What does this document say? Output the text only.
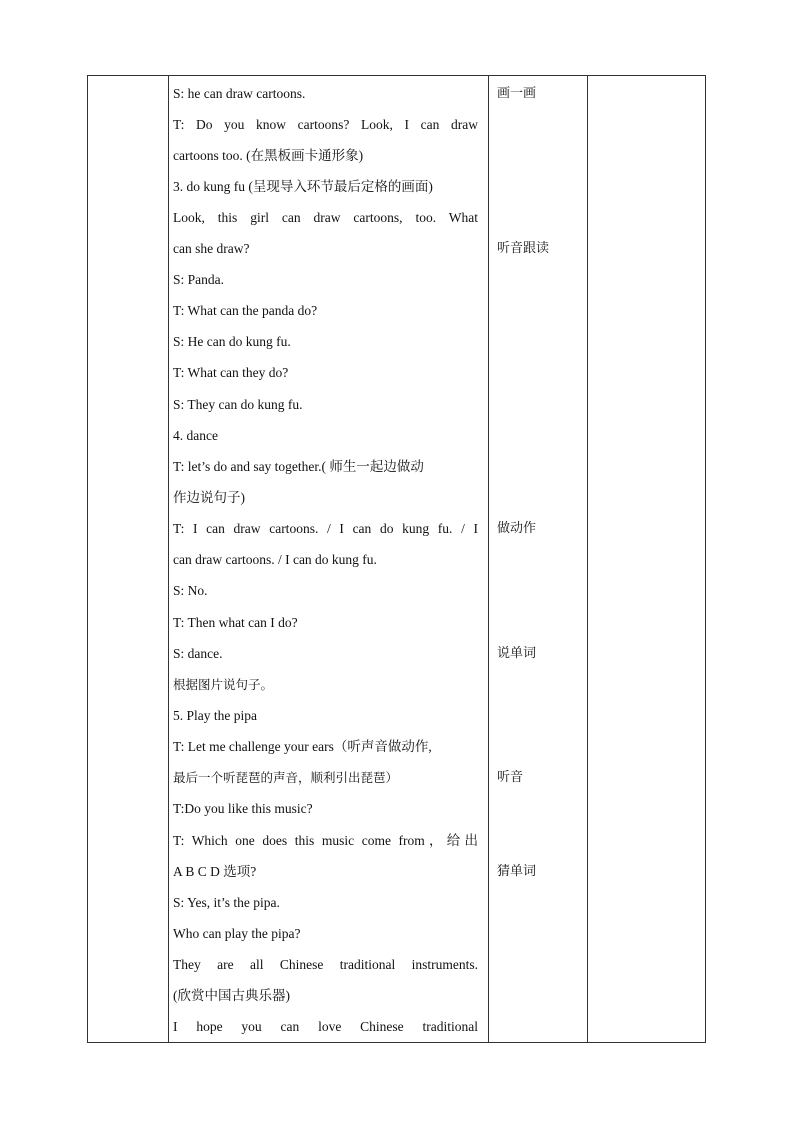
S: he can draw cartoons.
T: Do you know cartoons? Look, I can draw
cartoons too. (在黑板画卡通形象)
3. do kung fu (呈现导入环节最后定格的画面)
Look, this girl can draw cartoons, too. What
can she draw?
S: Panda.
T: What can the panda do?
S: He can do kung fu.
T: What can they do?
S: They can do kung fu.
4. dance
T: let’s do and say together.( 师生一起边做动
作边说句子)
T: I can draw cartoons. / I can do kung fu. / I
can draw cartoons. / I can do kung fu.
S: No.
T: Then what can I do?
S: dance.
根据图片说句子。
5. Play the pipa
T: Let me challenge your ears（听声音做动作,
最后一个听琵琶的声音，顺利引出琵琶）
T:Do you like this music?
T: Which one does this music come from，给出
A B C D 选项?
S: Yes, it’s the pipa.
Who can play the pipa?
They are all Chinese traditional instruments.
(欣赏中国古典乐器)
I hope you can love Chinese traditional
画一画
听音跟读
做动作
说单词
听音
猜单词
